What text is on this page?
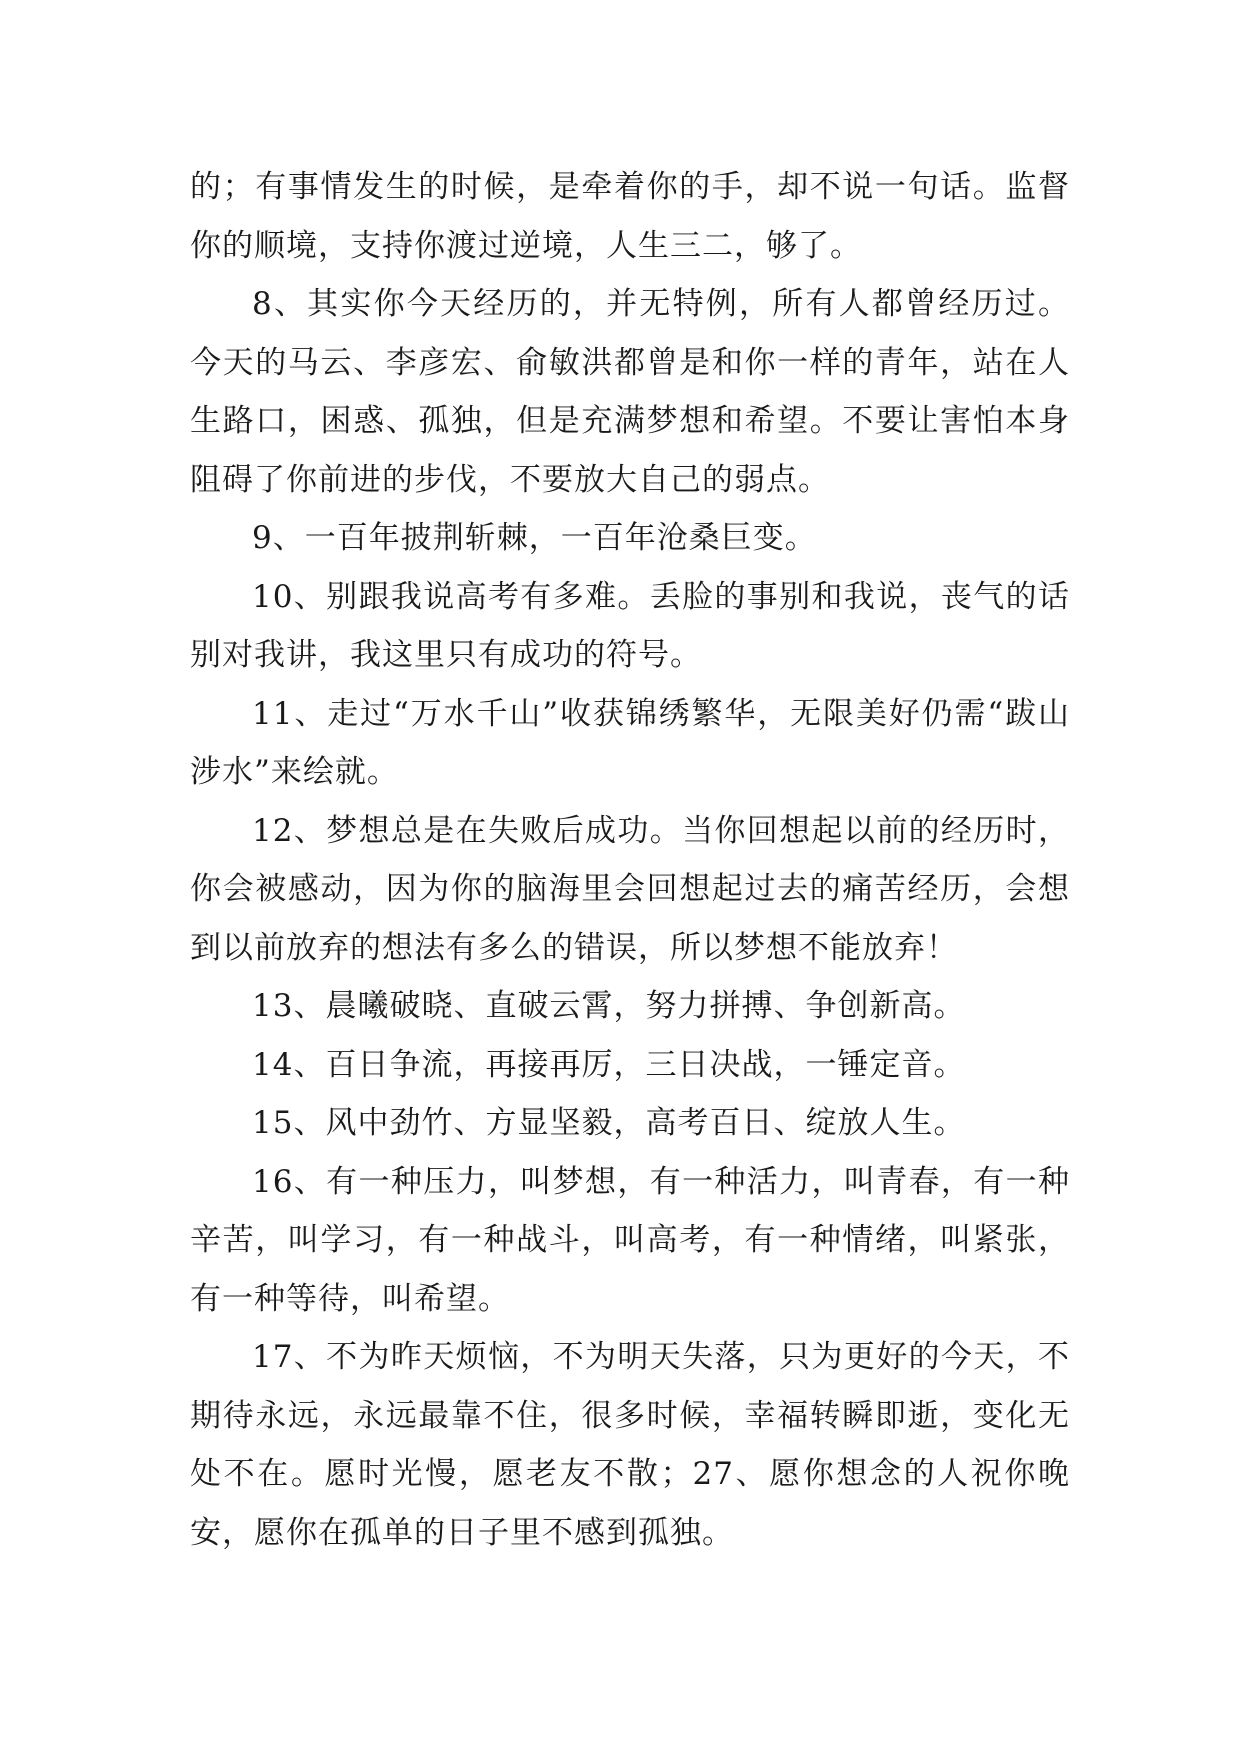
的；有事情发生的时候，是牵着你的手，却不说一句话。监督你的顺境，支持你渡过逆境，人生三二，够了。

8、其实你今天经历的，并无特例，所有人都曾经历过。今天的马云、李彦宏、俞敏洪都曾是和你一样的青年，站在人生路口，困惑、孤独，但是充满梦想和希望。不要让害怕本身阻碍了你前进的步伐，不要放大自己的弱点。

9、一百年披荆斩棘，一百年沧桑巨变。

10、别跟我说高考有多难。丢脸的事别和我说，丧气的话别对我讲，我这里只有成功的符号。

11、走过“万水千山”收获锦绣繁华，无限美好仍需“跋山涉水”来绘就。

12、梦想总是在失败后成功。当你回想起以前的经历时，你会被感动，因为你的脑海里会回想起过去的痛苦经历，会想到以前放弃的想法有多么的错误，所以梦想不能放弃！

13、晨曦破晓、直破云霄，努力拼搏、争创新高。

14、百日争流，再接再厉，三日决战，一锤定音。

15、风中劲竹、方显坚毅，高考百日、绽放人生。

16、有一种压力，叫梦想，有一种活力，叫青春，有一种辛苦，叫学习，有一种战斗，叫高考，有一种情绪，叫紧张，有一种等待，叫希望。

17、不为昨天烦恼，不为明天失落，只为更好的今天，不期待永远，永远最靠不住，很多时候，幸福转瞬即逝，变化无处不在。愿时光慢，愿老友不散；27、愿你想念的人祝你晚安，愿你在孤单的日子里不感到孤独。
